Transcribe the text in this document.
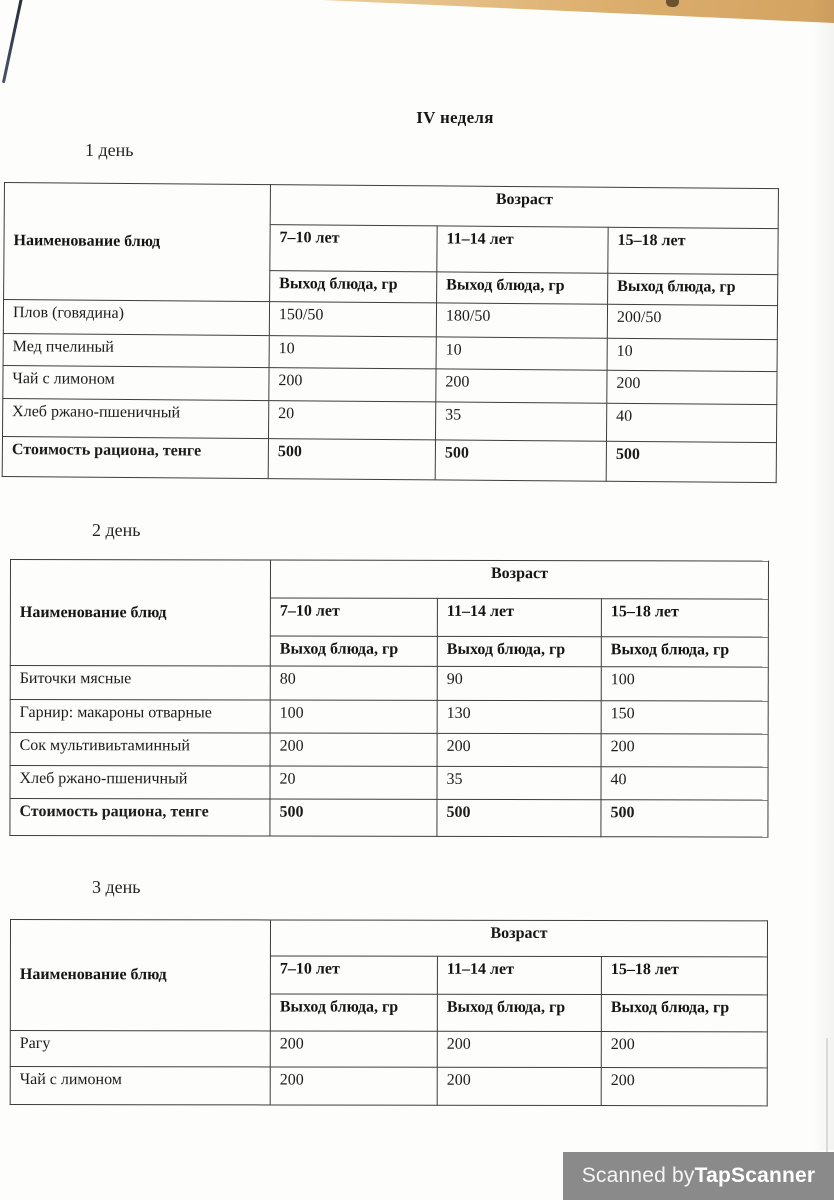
IV неделя
1 день
Наименование блюд	Возраст		
	7–10 лет	11–14 лет	15–18 лет
	Выход блюда, гр	Выход блюда, гр	Выход блюда, гр
Плов (говядина)	150/50	180/50	200/50
Мед пчелиный	10	10	10
Чай с лимоном	200	200	200
Хлеб ржано-пшеничный	20	35	40
Стоимость рациона, тенге	500	500	500
2 день
Наименование блюд	Возраст		
	7–10 лет	11–14 лет	15–18 лет
	Выход блюда, гр	Выход блюда, гр	Выход блюда, гр
Биточки мясные	80	90	100
Гарнир: макароны отварные	100	130	150
Сок мультивиьтаминный	200	200	200
Хлеб ржано-пшеничный	20	35	40
Стоимость рациона, тенге	500	500	500
3 день
Наименование блюд	Возраст		
	7–10 лет	11–14 лет	15–18 лет
	Выход блюда, гр	Выход блюда, гр	Выход блюда, гр
Рагу	200	200	200
Чай с лимоном	200	200	200
Scanned by TapScanner
